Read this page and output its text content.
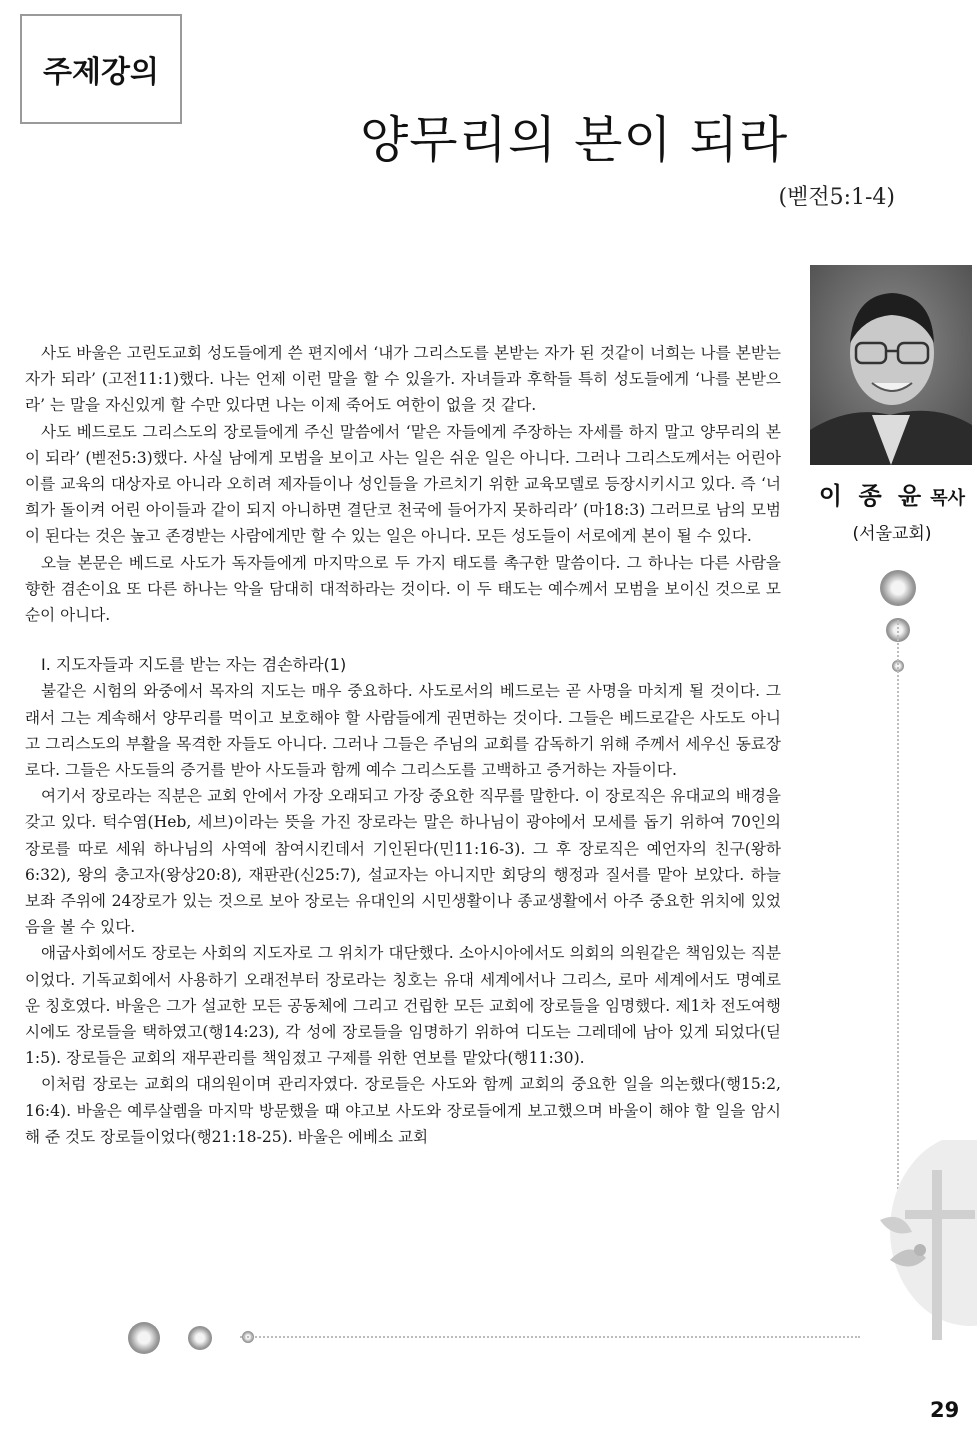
주제강의
양무리의 본이 되라
(벧전5:1-4)
이 종 윤 목사
(서울교회)

사도 바울은 고린도교회 성도들에게 쓴 편지에서 ‘내가 그리스도를 본받는 자가 된 것같이 너희는 나를 본받는 자가 되라’ (고전11:1)했다. 나는 언제 이런 말을 할 수 있을가. 자녀들과 후학들 특히 성도들에게 ‘나를 본받으라’ 는 말을 자신있게 할 수만 있다면 나는 이제 죽어도 여한이 없을 것 같다.

사도 베드로도 그리스도의 장로들에게 주신 말씀에서 ‘맡은 자들에게 주장하는 자세를 하지 말고 양무리의 본이 되라’ (벧전5:3)했다. 사실 남에게 모범을 보이고 사는 일은 쉬운 일은 아니다. 그러나 그리스도께서는 어린아이를 교육의 대상자로 아니라 오히려 제자들이나 성인들을 가르치기 위한 교육모델로 등장시키시고 있다. 즉 ‘너희가 돌이켜 어린 아이들과 같이 되지 아니하면 결단코 천국에 들어가지 못하리라’ (마18:3) 그러므로 남의 모범이 된다는 것은 높고 존경받는 사람에게만 할 수 있는 일은 아니다. 모든 성도들이 서로에게 본이 될 수 있다.

오늘 본문은 베드로 사도가 독자들에게 마지막으로 두 가지 태도를 촉구한 말씀이다. 그 하나는 다른 사람을 향한 겸손이요 또 다른 하나는 악을 담대히 대적하라는 것이다. 이 두 태도는 예수께서 모범을 보이신 것으로 모순이 아니다.

Ⅰ. 지도자들과 지도를 받는 자는 겸손하라(1)

불같은 시험의 와중에서 목자의 지도는 매우 중요하다. 사도로서의 베드로는 곧 사명을 마치게 될 것이다. 그래서 그는 계속해서 양무리를 먹이고 보호해야 할 사람들에게 권면하는 것이다. 그들은 베드로같은 사도도 아니고 그리스도의 부활을 목격한 자들도 아니다. 그러나 그들은 주님의 교회를 감독하기 위해 주께서 세우신 동료장로다. 그들은 사도들의 증거를 받아 사도들과 함께 예수 그리스도를 고백하고 증거하는 자들이다.

여기서 장로라는 직분은 교회 안에서 가장 오래되고 가장 중요한 직무를 말한다. 이 장로직은 유대교의 배경을 갖고 있다. 턱수염(Heb, 세브)이라는 뜻을 가진 장로라는 말은 하나님이 광야에서 모세를 돕기 위하여 70인의 장로를 따로 세워 하나님의 사역에 참여시킨데서 기인된다(민11:16-3). 그 후 장로직은 예언자의 친구(왕하6:32), 왕의 충고자(왕상20:8), 재판관(신25:7), 설교자는 아니지만 회당의 행정과 질서를 맡아 보았다. 하늘 보좌 주위에 24장로가 있는 것으로 보아 장로는 유대인의 시민생활이나 종교생활에서 아주 중요한 위치에 있었음을 볼 수 있다.

애굽사회에서도 장로는 사회의 지도자로 그 위치가 대단했다. 소아시아에서도 의회의 의원같은 책임있는 직분이었다. 기독교회에서 사용하기 오래전부터 장로라는 칭호는 유대 세계에서나 그리스, 로마 세계에서도 명예로운 칭호였다. 바울은 그가 설교한 모든 공동체에 그리고 건립한 모든 교회에 장로들을 임명했다. 제1차 전도여행시에도 장로들을 택하였고(행14:23), 각 성에 장로들을 임명하기 위하여 디도는 그레데에 남아 있게 되었다(딛1:5). 장로들은 교회의 재무관리를 책임졌고 구제를 위한 연보를 맡았다(행11:30).

이처럼 장로는 교회의 대의원이며 관리자였다. 장로들은 사도와 함께 교회의 중요한 일을 의논했다(행15:2, 16:4). 바울은 예루살렘을 마지막 방문했을 때 야고보 사도와 장로들에게 보고했으며 바울이 해야 할 일을 암시해 준 것도 장로들이었다(행21:18-25). 바울은 에베소 교회

29
